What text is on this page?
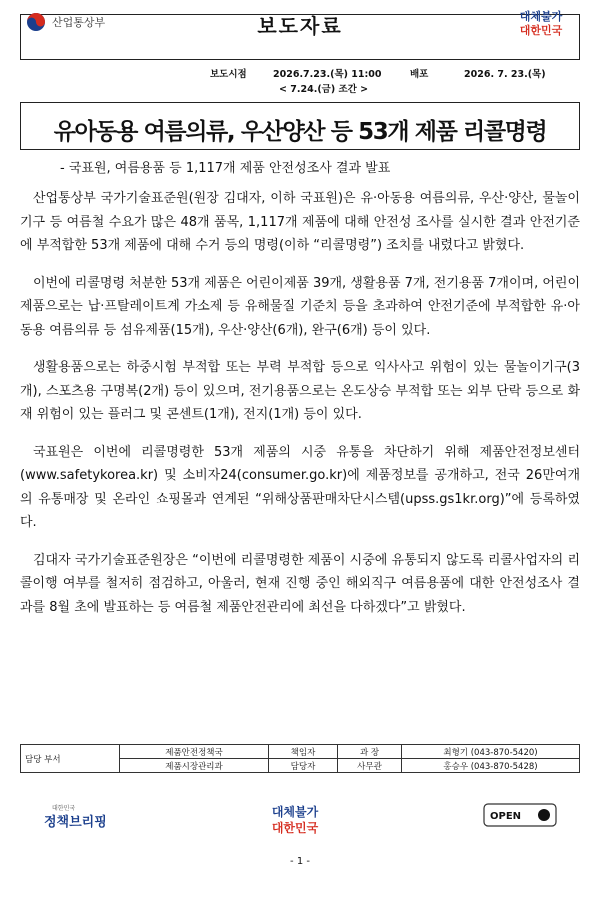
산업통상부	보도자료	대체불가
대한민국
보도시점	2026.7.23.(목) 11:00
< 7.24.(금) 조간 >
배포	2026. 7. 23.(목)
유아동용 여름의류, 우산양산 등 53개 제품 리콜명령
- 국표원, 여름용품 등 1,117개 제품 안전성조사 결과 발표

산업통상부 국가기술표준원(원장 김대자, 이하 국표원)은 유·아동용 여름의류, 우산·양산, 물놀이기구 등 여름철 수요가 많은 48개 품목, 1,117개 제품에 대해 안전성 조사를 실시한 결과 안전기준에 부적합한 53개 제품에 대해 수거 등의 명령(이하 “리콜명령”) 조치를 내렸다고 밝혔다.

이번에 리콜명령 처분한 53개 제품은 어린이제품 39개, 생활용품 7개, 전기용품 7개이며, 어린이제품으로는 납·프탈레이트계 가소제 등 유해물질 기준치 등을 초과하여 안전기준에 부적합한 유·아동용 여름의류 등 섬유제품(15개), 우산·양산(6개), 완구(6개) 등이 있다.

생활용품으로는 하중시험 부적합 또는 부력 부적합 등으로 익사사고 위험이 있는 물놀이기구(3개), 스포츠용 구명복(2개) 등이 있으며, 전기용품으로는 온도상승 부적합 또는 외부 단락 등으로 화재 위험이 있는 플러그 및 콘센트(1개), 전지(1개) 등이 있다.

국표원은 이번에 리콜명령한 53개 제품의 시중 유통을 차단하기 위해 제품안전정보센터(www.safetykorea.kr) 및 소비자24(consumer.go.kr)에 제품정보를 공개하고, 전국 26만여개의 유통매장 및 온라인 쇼핑몰과 연계된 “위해상품판매차단시스템(upss.gs1kr.org)”에 등록하였다.

김대자 국가기술표준원장은 “이번에 리콜명령한 제품이 시중에 유통되지 않도록 리콜사업자의 리콜이행 여부를 철저히 점검하고, 아울러, 현재 진행 중인 해외직구 여름용품에 대한 안전성조사 결과를 8월 초에 발표하는 등 여름철 제품안전관리에 최선을 다하겠다”고 밝혔다.

담당 부서	제품안전정책국	책임자	과 장	최형기 (043-870-5420)
	제품시장관리과	담당자	사무관	홍승우 (043-870-5428)
대한민국
정책브리핑
대체불가
대한민국
OPEN
- 1 -
